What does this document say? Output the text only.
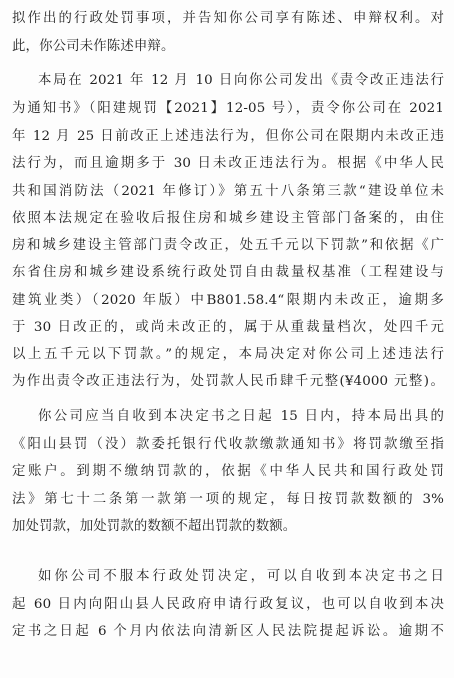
拟作出的行政处罚事项，并告知你公司享有陈述、申辩权利。对
此，你公司未作陈述申辩。
本局在 2021 年 12 月 10 日向你公司发出《责令改正违法行
为通知书》（阳建规罚【2021】12-05 号），责令你公司在 2021
年 12 月 25 日前改正上述违法行为，但你公司在限期内未改正违
法行为，而且逾期多于 30 日未改正违法行为。根据《中华人民
共和国消防法（2021 年修订）》第五十八条第三款“建设单位未
依照本法规定在验收后报住房和城乡建设主管部门备案的，由住
房和城乡建设主管部门责令改正，处五千元以下罚款”和依据《广
东省住房和城乡建设系统行政处罚自由裁量权基准（工程建设与
建筑业类）（2020 年版）中B801.58.4“限期内未改正，逾期多
于 30 日改正的，或尚未改正的，属于从重裁量档次，处四千元
以上五千元以下罚款。”的规定，本局决定对你公司上述违法行
为作出责令改正违法行为，处罚款人民币肆千元整(¥4000 元整)。
你公司应当自收到本决定书之日起 15 日内，持本局出具的
《阳山县罚（没）款委托银行代收款缴款通知书》将罚款缴至指
定账户。到期不缴纳罚款的，依据《中华人民共和国行政处罚
法》第七十二条第一款第一项的规定，每日按罚款数额的 3%
加处罚款，加处罚款的数额不超出罚款的数额。
如你公司不服本行政处罚决定，可以自收到本决定书之日
起 60 日内向阳山县人民政府申请行政复议，也可以自收到本决
定书之日起 6 个月内依法向清新区人民法院提起诉讼。逾期不
